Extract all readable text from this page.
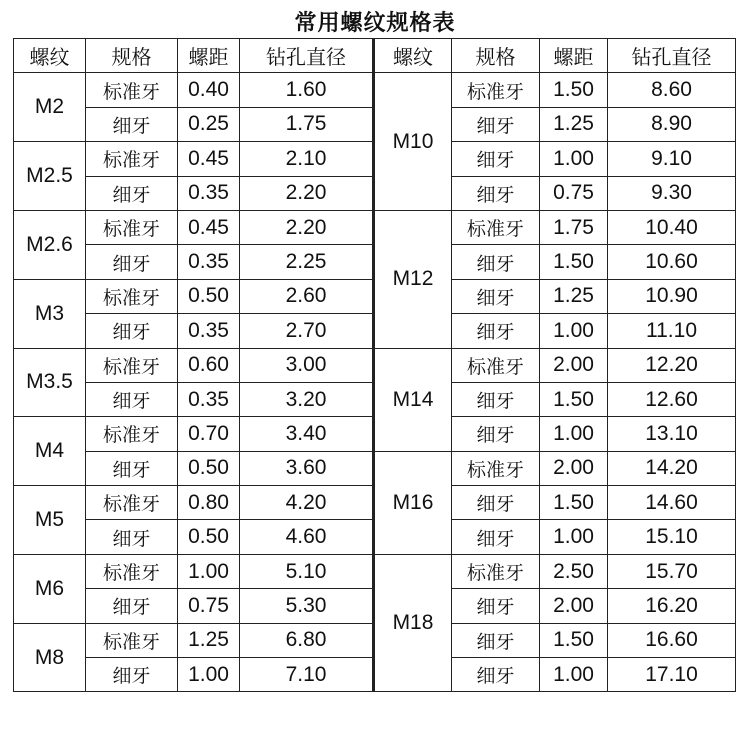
常用螺纹规格表
螺纹	规格	螺距	钻孔直径	螺纹	规格	螺距	钻孔直径
M2	标准牙	0.40	1.60	M10	标准牙	1.50	8.60
	细牙	0.25	1.75		细牙	1.25	8.90
M2.5	标准牙	0.45	2.10		细牙	1.00	9.10
	细牙	0.35	2.20		细牙	0.75	9.30
M2.6	标准牙	0.45	2.20	M12	标准牙	1.75	10.40
	细牙	0.35	2.25		细牙	1.50	10.60
M3	标准牙	0.50	2.60		细牙	1.25	10.90
	细牙	0.35	2.70		细牙	1.00	11.10
M3.5	标准牙	0.60	3.00	M14	标准牙	2.00	12.20
	细牙	0.35	3.20		细牙	1.50	12.60
M4	标准牙	0.70	3.40		细牙	1.00	13.10
	细牙	0.50	3.60	M16	标准牙	2.00	14.20
M5	标准牙	0.80	4.20		细牙	1.50	14.60
	细牙	0.50	4.60		细牙	1.00	15.10
M6	标准牙	1.00	5.10	M18	标准牙	2.50	15.70
	细牙	0.75	5.30		细牙	2.00	16.20
M8	标准牙	1.25	6.80		细牙	1.50	16.60
	细牙	1.00	7.10		细牙	1.00	17.10
